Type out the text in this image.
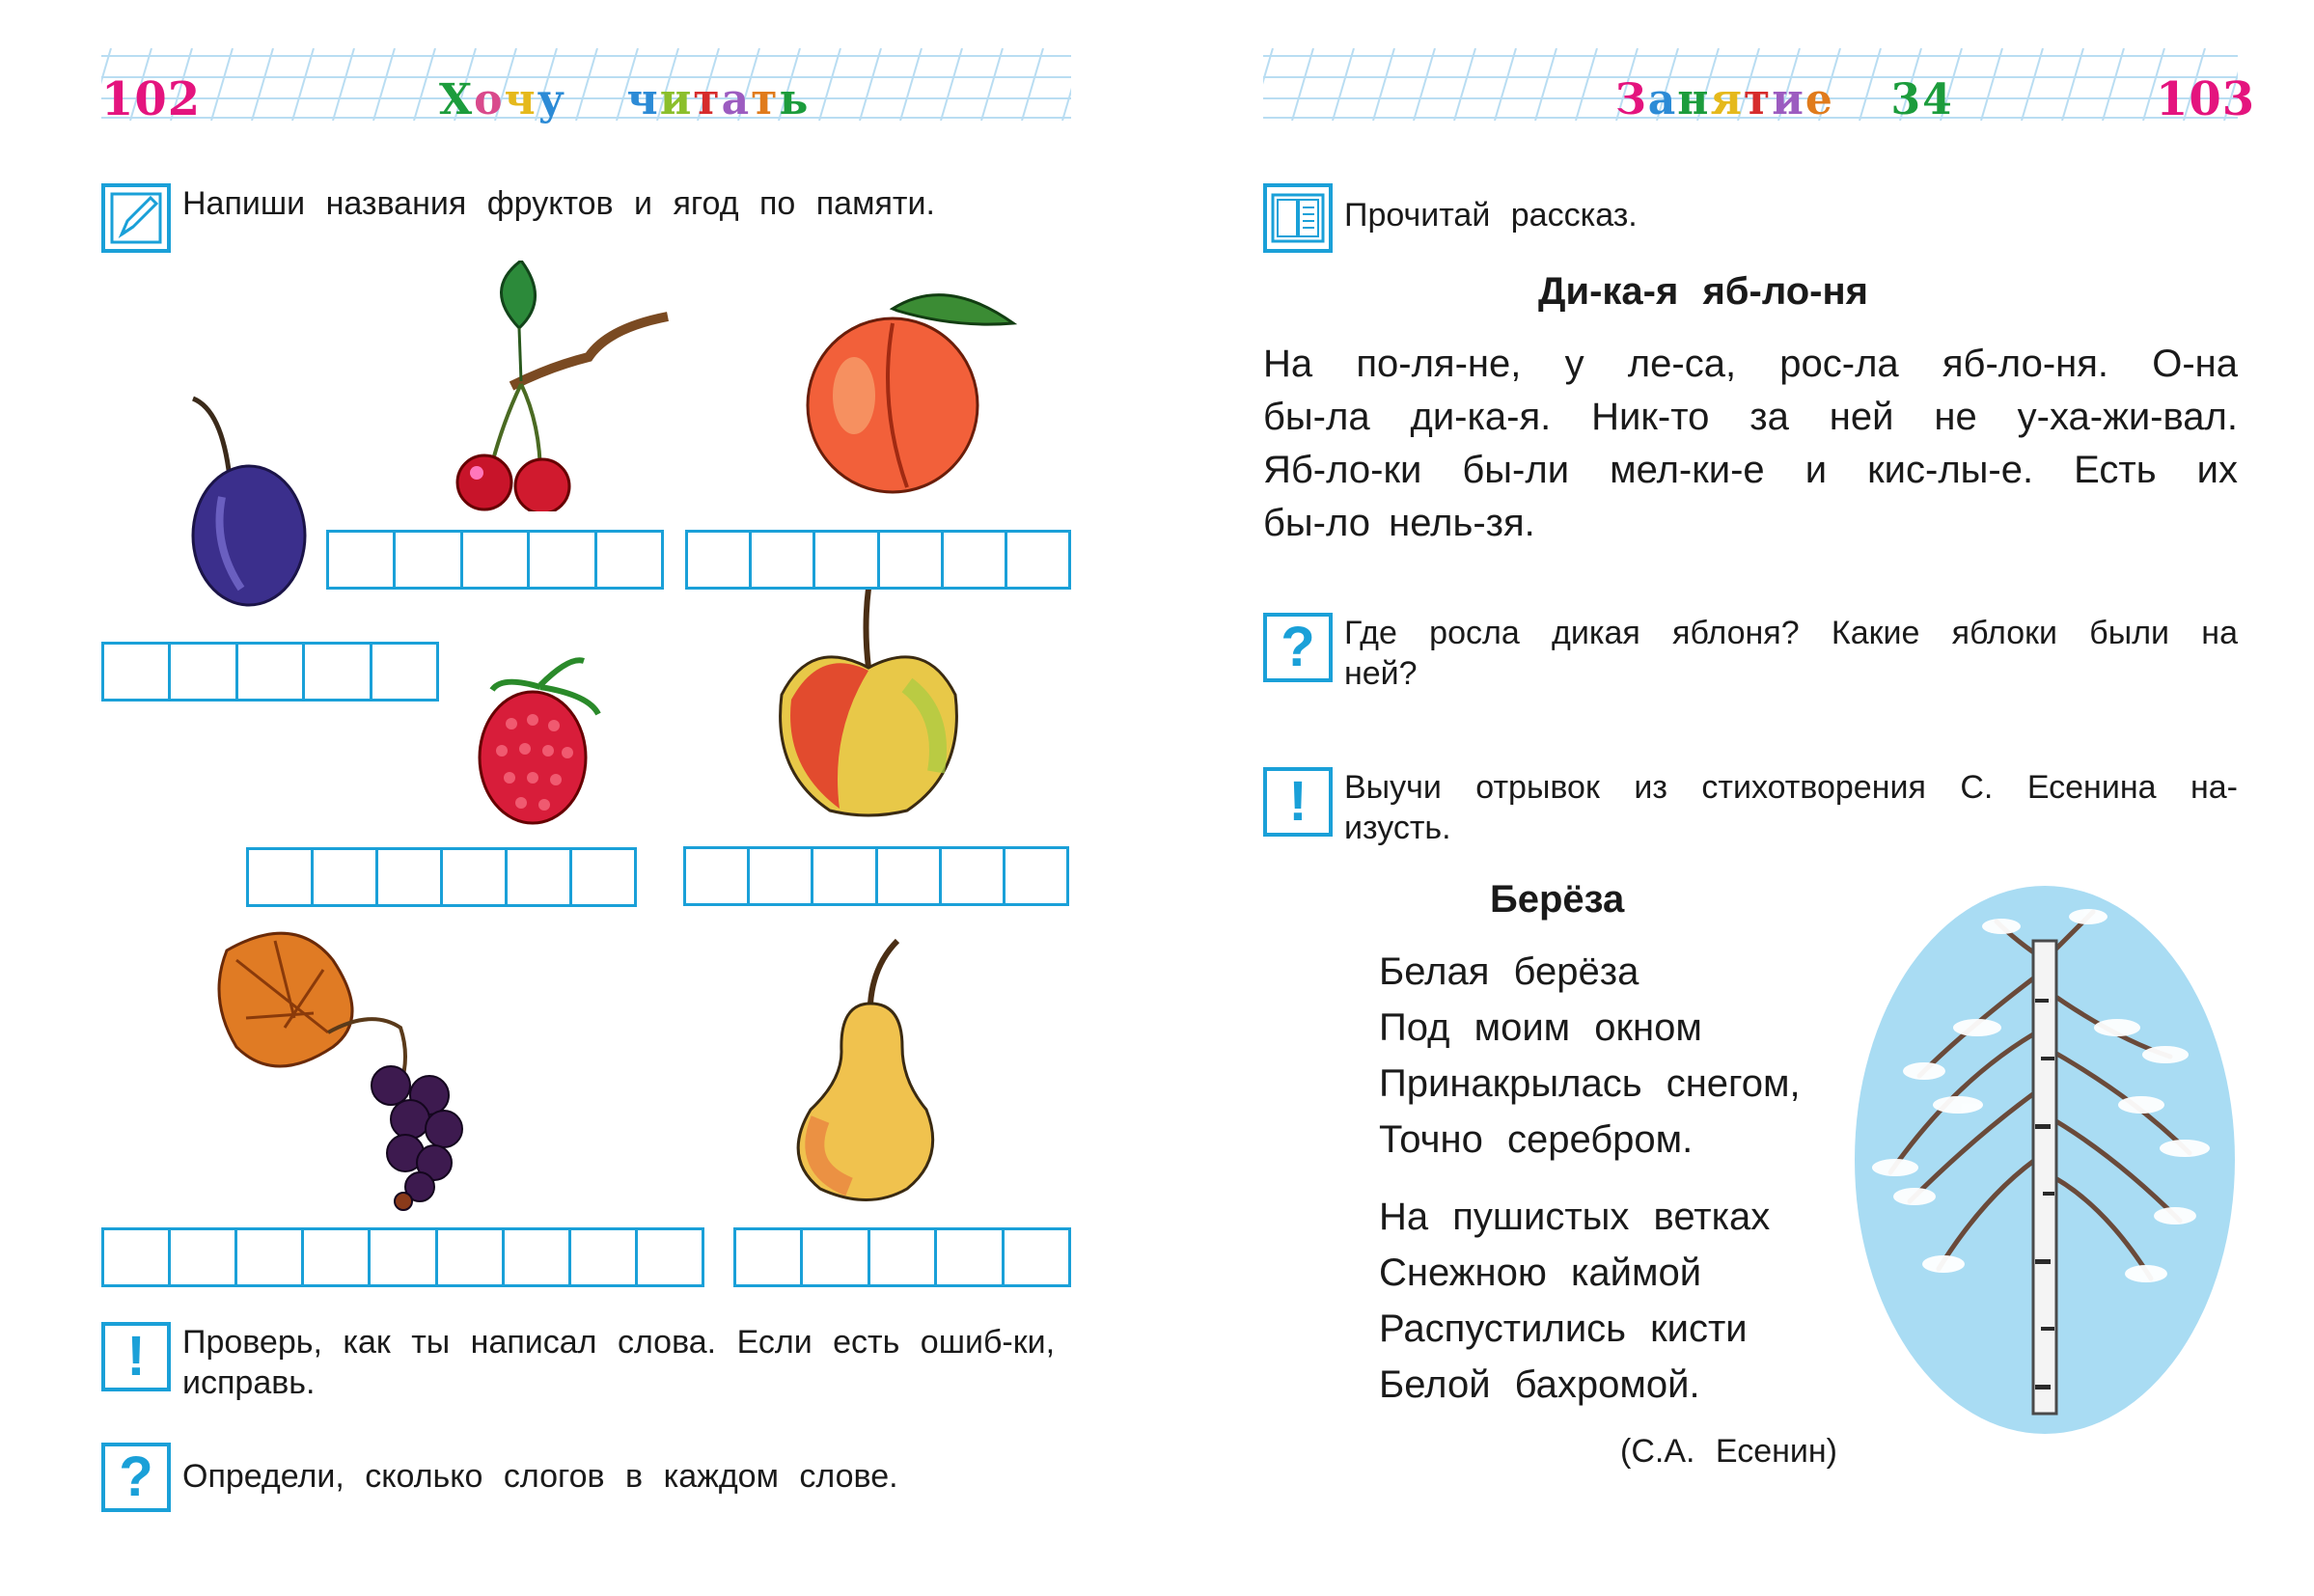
102	Хочу читать
Напиши названия фруктов и ягод по памяти.
!	Проверь, как ты написал слова. Если есть ошиб-ки, исправь.
? Определи, сколько слогов в каждом слове.
Занятие 34	103
Прочитай рассказ.
Ди-ка-я яб-ло-ня

На по-ля-не, у ле-са, рос-ла яб-ло-ня. О-на

бы-ла ди-ка-я. Ник-то за ней не у-ха-жи-вал.

Яб-ло-ки бы-ли мел-ки-е и кис-лы-е. Есть их

бы-ло нель-зя.

? Где росла дикая яблоня? Какие яблоки были на ней?
!	Выучи отрывок из стихотворения С. Есенина на-изусть.
Берёза
Белая берёза
Под моим окном
Принакрылась снегом,
Точно серебром.
На пушистых ветках
Снежною каймой
Распустились кисти
Белой бахромой.
(С.А. Есенин)
